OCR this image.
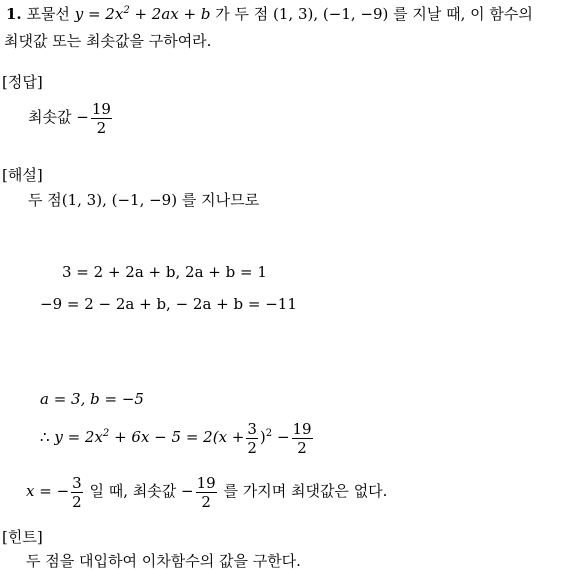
1. 포물선 $y = 2x^2 + 2ax + b$ 가 두 점 (1, 3), (−1, −9) 를 지날 때, 이 함수의
최댓값 또는 최솟값을 구하여라.
[정답]
최솟값 − $\frac{19}{2}$
[해설]
두 점(1, 3), (−1, −9) 를 지나므로
3 = 2 + 2a + b, 2a + b = 1
−9 = 2 − 2a + b, − 2a + b = −11
a = 3, b = −5
∴ $y = 2x^2 + 6x - 5 = 2(x + \frac{3}{2} )^2 - \frac{19}{2}$
x = − $\frac{3}{2}$ 일 때, 최솟값 − $\frac{19}{2}$ 를 가지며 최댓값은 없다.
[힌트]
두 점을 대입하여 이차함수의 값을 구한다.
